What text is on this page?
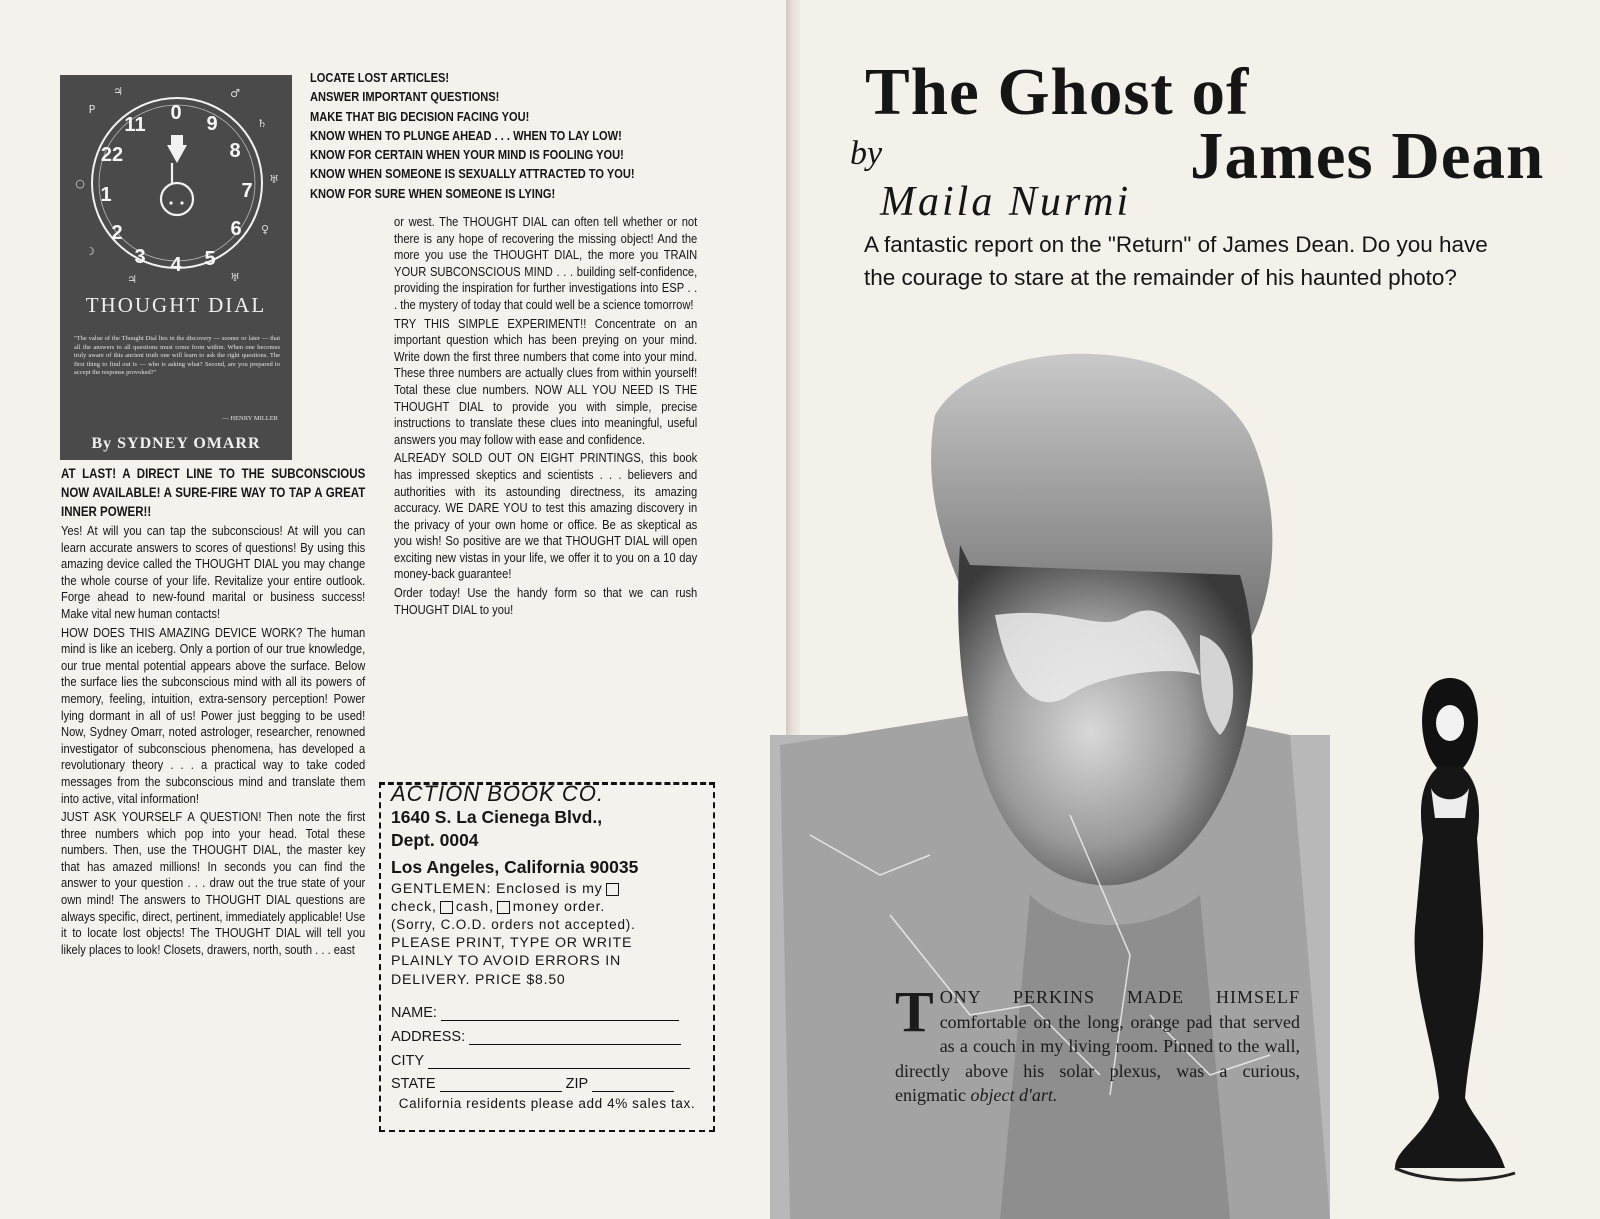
11
0 9
22	8
1	7
2	6
3 4 5
♃	♂
P
♄
○	♅
☽
♀
♃	♅
THOUGHT DIAL
"The value of the Thought Dial lies in the discovery — sooner or later — that all the answers to all questions must come from within. When one becomes truly aware of this ancient truth one will learn to ask the right questions. The first thing to find out is — who is asking what? Second, are you prepared to accept the response provoked?"
— HENRY MILLER
By SYDNEY OMARR
LOCATE LOST ARTICLES!
ANSWER IMPORTANT QUESTIONS!
MAKE THAT BIG DECISION FACING YOU!
KNOW WHEN TO PLUNGE AHEAD . . . WHEN TO LAY LOW!
KNOW FOR CERTAIN WHEN YOUR MIND IS FOOLING YOU!
KNOW WHEN SOMEONE IS SEXUALLY ATTRACTED TO YOU!
KNOW FOR SURE WHEN SOMEONE IS LYING!

AT LAST! A DIRECT LINE TO THE SUBCONSCIOUS NOW AVAILABLE! A SURE-FIRE WAY TO TAP A GREAT INNER POWER!!

Yes! At will you can tap the subconscious! At will you can learn accurate answers to scores of questions! By using this amazing device called the THOUGHT DIAL you may change the whole course of your life. Revitalize your entire outlook. Forge ahead to new-found marital or business success! Make vital new human contacts!

HOW DOES THIS AMAZING DEVICE WORK? The human mind is like an iceberg. Only a portion of our true knowledge, our true mental potential appears above the surface. Below the surface lies the subconscious mind with all its powers of memory, feeling, intuition, extra-sensory perception! Power lying dormant in all of us! Power just begging to be used! Now, Sydney Omarr, noted astrologer, researcher, renowned investigator of subconscious phenomena, has developed a revolutionary theory . . . a practical way to take coded messages from the subconscious mind and translate them into active, vital information!

JUST ASK YOURSELF A QUESTION! Then note the first three numbers which pop into your head. Total these numbers. Then, use the THOUGHT DIAL, the master key that has amazed millions! In seconds you can find the answer to your question . . . draw out the true state of your own mind! The answers to THOUGHT DIAL questions are always specific, direct, pertinent, immediately applicable! Use it to locate lost objects! The THOUGHT DIAL will tell you likely places to look! Closets, drawers, north, south . . . east

or west. The THOUGHT DIAL can often tell whether or not there is any hope of recovering the missing object! And the more you use the THOUGHT DIAL, the more you TRAIN YOUR SUBCONSCIOUS MIND . . . building self-confidence, providing the inspiration for further investigations into ESP . . . the mystery of today that could well be a science tomorrow!

TRY THIS SIMPLE EXPERIMENT!! Concentrate on an important question which has been preying on your mind. Write down the first three numbers that come into your mind. These three numbers are actually clues from within yourself! Total these clue numbers. NOW ALL YOU NEED IS THE THOUGHT DIAL to provide you with simple, precise instructions to translate these clues into meaningful, useful answers you may follow with ease and confidence.

ALREADY SOLD OUT ON EIGHT PRINTINGS, this book has impressed skeptics and scientists . . . believers and authorities with its astounding directness, its amazing accuracy. WE DARE YOU to test this amazing discovery in the privacy of your own home or office. Be as skeptical as you wish! So positive are we that THOUGHT DIAL will open exciting new vistas in your life, we offer it to you on a 10 day money-back guarantee!

Order today! Use the handy form so that we can rush THOUGHT DIAL to you!

ACTION BOOK CO.
1640 S. La Cienega Blvd.,
Dept. 0004
Los Angeles, California 90035
GENTLEMEN: Enclosed is my
check, cash, money order.
(Sorry, C.O.D. orders not accepted).
PLEASE PRINT, TYPE OR WRITE PLAINLY TO AVOID ERRORS IN DELIVERY. PRICE $8.50
NAME:
ADDRESS:
CITY
STATE	ZIP
California residents please add 4% sales tax.
The Ghost of
James Dean
by
Maila Nurmi
A fantastic report on the "Return" of James Dean. Do you have the courage to stare at the remainder of his haunted photo?
T ONY PERKINS MADE HIMSELF comfortable on the long, orange pad that served as a couch in my living room. Pinned to the wall, directly above his solar plexus, was a curious, enigmatic object d'art.
